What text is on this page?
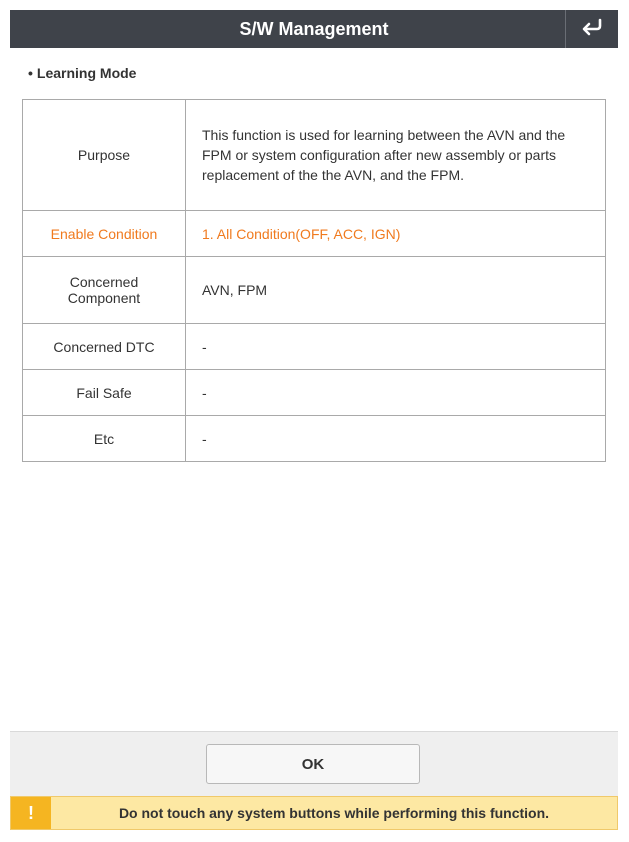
S/W Management
• Learning Mode
Purpose	This function is used for learning between the AVN and the FPM or system configuration after new assembly or parts replacement of the the AVN, and the FPM.
Enable Condition	1. All Condition(OFF, ACC, IGN)
Concerned Component	AVN, FPM
Concerned DTC	-
Fail Safe	-
Etc	-
OK
!	Do not touch any system buttons while performing this function.
